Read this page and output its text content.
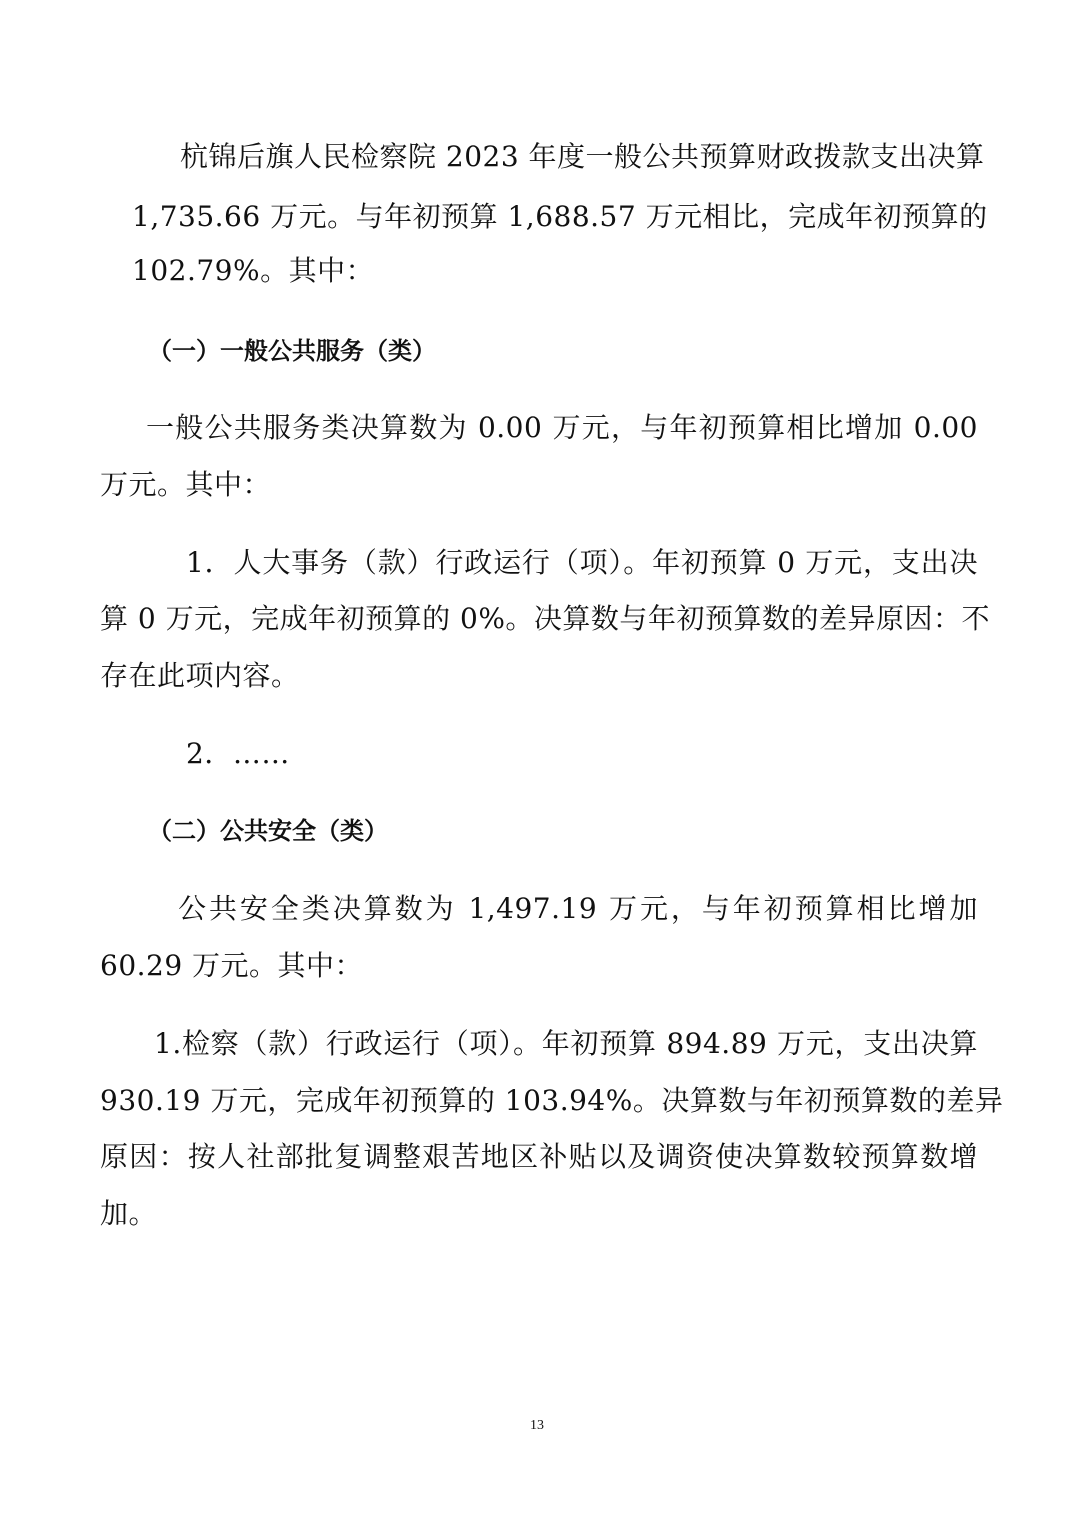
杭锦后旗人民检察院 2023 年度一般公共预算财政拨款支出决算
1,735.66 万元。与年初预算 1,688.57 万元相比，完成年初预算的
102.79%。其中：
（一）一般公共服务（类）
一般公共服务类决算数为 0.00 万元，与年初预算相比增加 0.00
万元。其中：
1．人大事务（款）行政运行（项）。年初预算 0 万元，支出决
算 0 万元，完成年初预算的 0%。决算数与年初预算数的差异原因：不
存在此项内容。
2．……
（二）公共安全（类）
公共安全类决算数为 1,497.19 万元，与年初预算相比增加
60.29 万元。其中：
1.检察（款）行政运行（项）。年初预算 894.89 万元，支出决算
930.19 万元，完成年初预算的 103.94%。决算数与年初预算数的差异
原因：按人社部批复调整艰苦地区补贴以及调资使决算数较预算数增
加。
13
